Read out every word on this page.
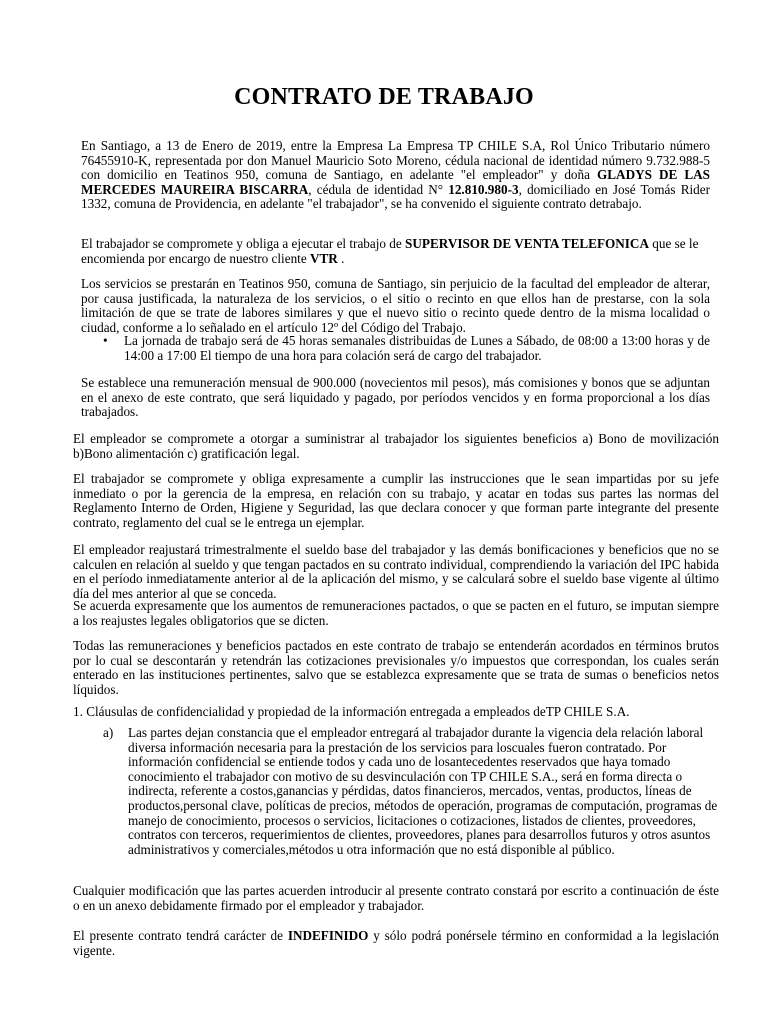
CONTRATO DE TRABAJO

En Santiago, a 13 de Enero de 2019, entre la Empresa La Empresa TP CHILE S.A, Rol Único Tributario número 76455910-K, representada por don Manuel Mauricio Soto Moreno, cédula nacional de identidad número 9.732.988-5 con domicilio en Teatinos 950, comuna de Santiago, en adelante "el empleador" y doña GLADYS DE LAS MERCEDES MAUREIRA BISCARRA, cédula de identidad N° 12.810.980-3, domiciliado en José Tomás Rider 1332, comuna de Providencia, en adelante "el trabajador", se ha convenido el siguiente contrato detrabajo.

El trabajador se compromete y obliga a ejecutar el trabajo de SUPERVISOR DE VENTA TELEFONICA que se le encomienda por encargo de nuestro cliente VTR .

Los servicios se prestarán en Teatinos 950, comuna de Santiago, sin perjuicio de la facultad del empleador de alterar, por causa justificada, la naturaleza de los servicios, o el sitio o recinto en que ellos han de prestarse, con la sola limitación de que se trate de labores similares y que el nuevo sitio o recinto quede dentro de la misma localidad o ciudad, conforme a lo señalado en el artículo 12º del Código del Trabajo.

• La jornada de trabajo será de 45 horas semanales distribuidas de Lunes a Sábado, de 08:00 a 13:00 horas y de 14:00 a 17:00 El tiempo de una hora para colación será de cargo del trabajador.

Se establece una remuneración mensual de 900.000 (novecientos mil pesos), más comisiones y bonos que se adjuntan en el anexo de este contrato, que será liquidado y pagado, por períodos vencidos y en forma proporcional a los días trabajados.

El empleador se compromete a otorgar a suministrar al trabajador los siguientes beneficios a) Bono de movilización b)Bono alimentación c) gratificación legal.

El trabajador se compromete y obliga expresamente a cumplir las instrucciones que le sean impartidas por su jefe inmediato o por la gerencia de la empresa, en relación con su trabajo, y acatar en todas sus partes las normas del Reglamento Interno de Orden, Higiene y Seguridad, las que declara conocer y que forman parte integrante del presente contrato, reglamento del cual se le entrega un ejemplar.

El empleador reajustará trimestralmente el sueldo base del trabajador y las demás bonificaciones y beneficios que no se calculen en relación al sueldo y que tengan pactados en su contrato individual, comprendiendo la variación del IPC habida en el período inmediatamente anterior al de la aplicación del mismo, y se calculará sobre el sueldo base vigente al último día del mes anterior al que se conceda.

Se acuerda expresamente que los aumentos de remuneraciones pactados, o que se pacten en el futuro, se imputan siempre a los reajustes legales obligatorios que se dicten.

Todas las remuneraciones y beneficios pactados en este contrato de trabajo se entenderán acordados en términos brutos por lo cual se descontarán y retendrán las cotizaciones previsionales y/o impuestos que correspondan, los cuales serán enterado en las instituciones pertinentes, salvo que se establezca expresamente que se trata de sumas o beneficios netos líquidos.

1. Cláusulas de confidencialidad y propiedad de la información entregada a empleados deTP CHILE S.A.

a) Las partes dejan constancia que el empleador entregará al trabajador durante la vigencia dela relación laboral diversa información necesaria para la prestación de los servicios para loscuales fueron contratado. Por información confidencial se entiende todos y cada uno de losantecedentes reservados que haya tomado conocimiento el trabajador con motivo de su desvinculación con TP CHILE S.A., será en forma directa o indirecta, referente a costos,ganancias y pérdidas, datos financieros, mercados, ventas, productos, líneas de productos,personal clave, políticas de precios, métodos de operación, programas de computación, programas de manejo de conocimiento, procesos o servicios, licitaciones o cotizaciones, listados de clientes, proveedores, contratos con terceros, requerimientos de clientes, proveedores, planes para desarrollos futuros y otros asuntos administrativos y comerciales,métodos u otra información que no está disponible al público.

Cualquier modificación que las partes acuerden introducir al presente contrato constará por escrito a continuación de éste o en un anexo debidamente firmado por el empleador y trabajador.

El presente contrato tendrá carácter de INDEFINIDO y sólo podrá ponérsele término en conformidad a la legislación vigente.
